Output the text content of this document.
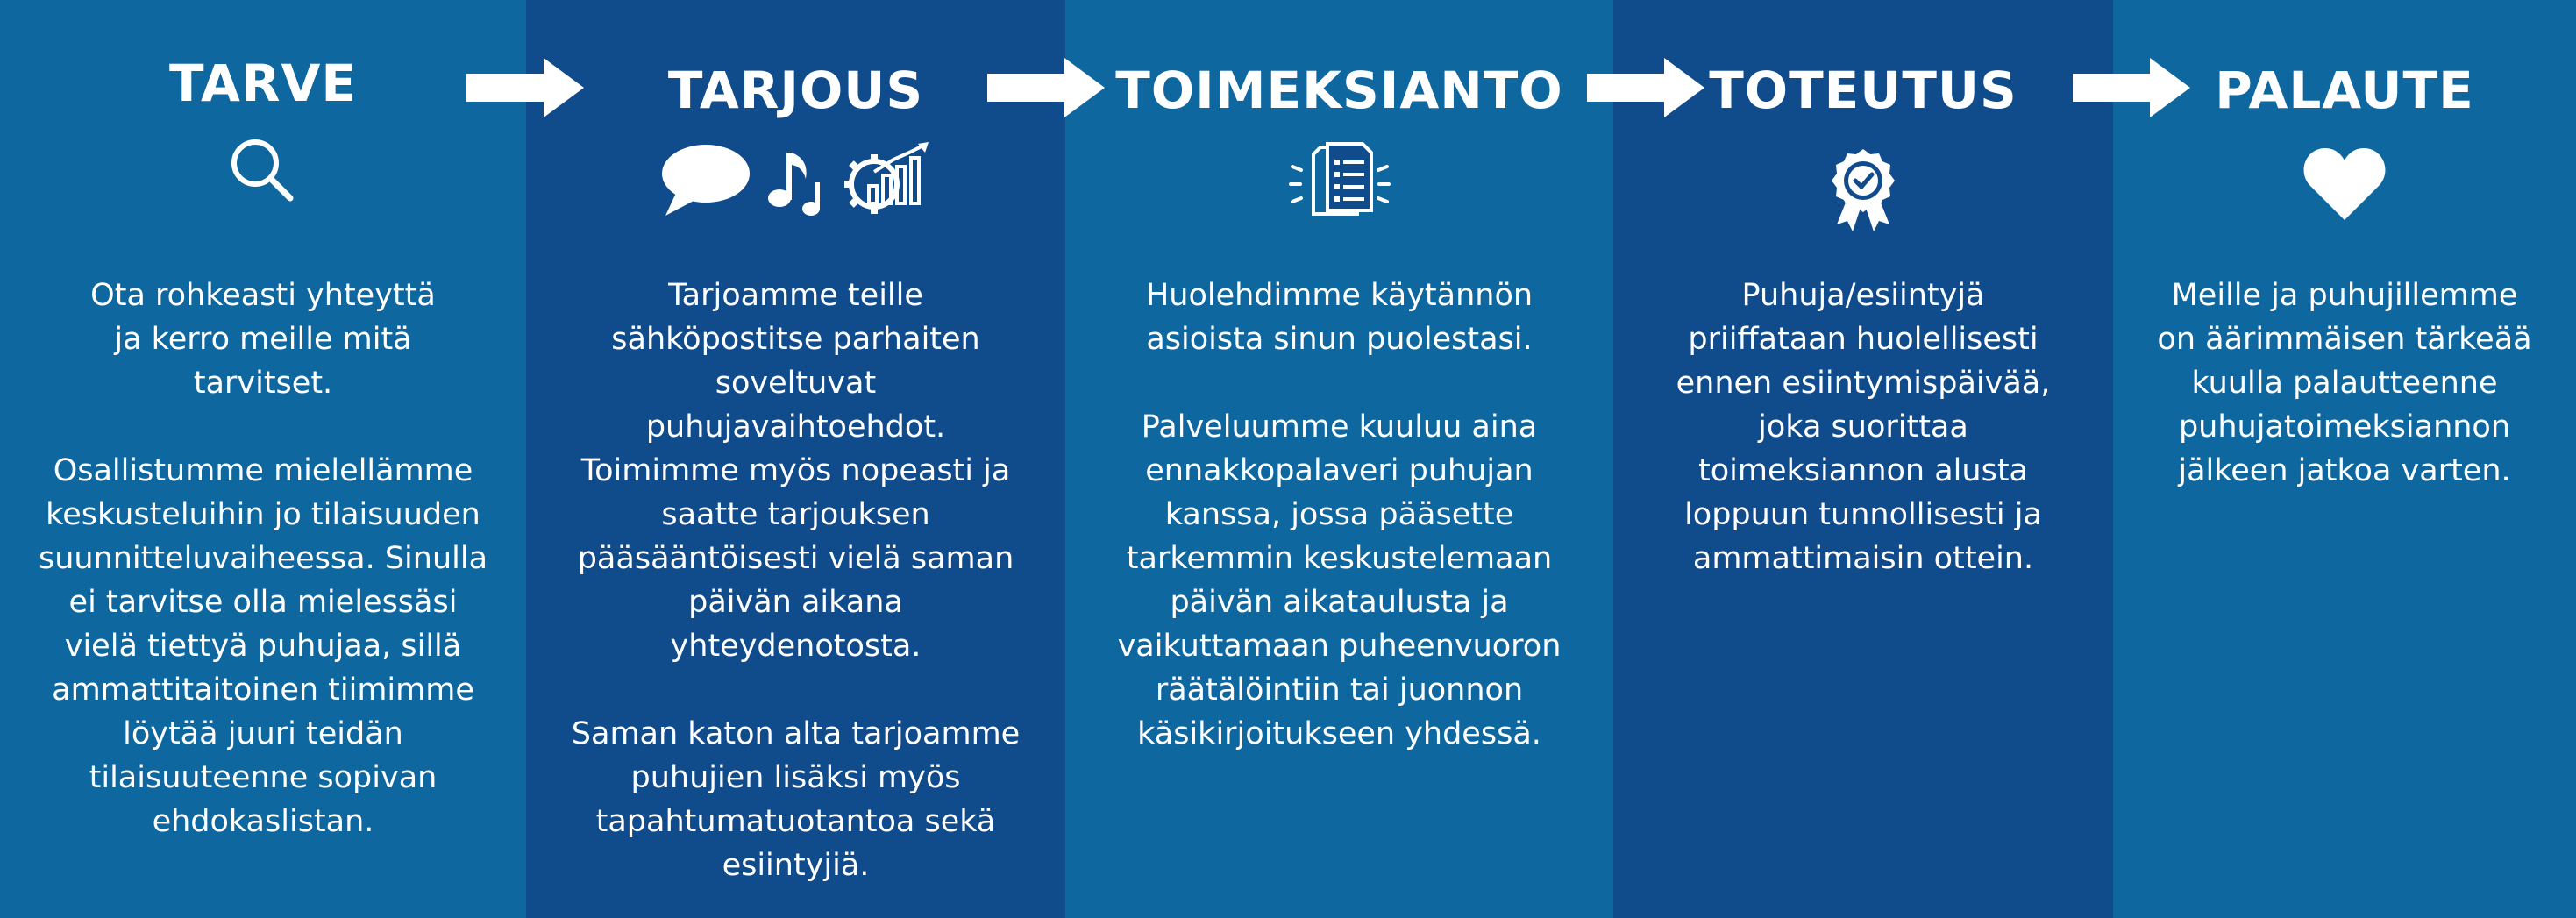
TARVE

Ota rohkeasti yhteyttä
ja kerro meille mitä
tarvitset.

Osallistumme mielellämme
keskusteluihin jo tilaisuuden
suunnitteluvaiheessa. Sinulla
ei tarvitse olla mielessäsi
vielä tiettyä puhujaa, sillä
ammattitaitoinen tiimimme
löytää juuri teidän
tilaisuuteenne sopivan
ehdokaslistan.

TARJOUS

Tarjoamme teille
sähköpostitse parhaiten
soveltuvat
puhujavaihtoehdot.
Toimimme myös nopeasti ja
saatte tarjouksen
pääsääntöisesti vielä saman
päivän aikana
yhteydenotosta.

Saman katon alta tarjoamme
puhujien lisäksi myös
tapahtumatuotantoa sekä
esiintyjiä.

TOIMEKSIANTO

Huolehdimme käytännön
asioista sinun puolestasi.

Palveluumme kuuluu aina
ennakkopalaveri puhujan
kanssa, jossa pääsette
tarkemmin keskustelemaan
päivän aikataulusta ja
vaikuttamaan puheenvuoron
räätälöintiin tai juonnon
käsikirjoitukseen yhdessä.

TOTEUTUS

Puhuja/esiintyjä
priiffataan huolellisesti
ennen esiintymispäivää,
joka suorittaa
toimeksiannon alusta
loppuun tunnollisesti ja
ammattimaisin ottein.

PALAUTE

Meille ja puhujillemme
on äärimmäisen tärkeää
kuulla palautteenne
puhujatoimeksiannon
jälkeen jatkoa varten.
